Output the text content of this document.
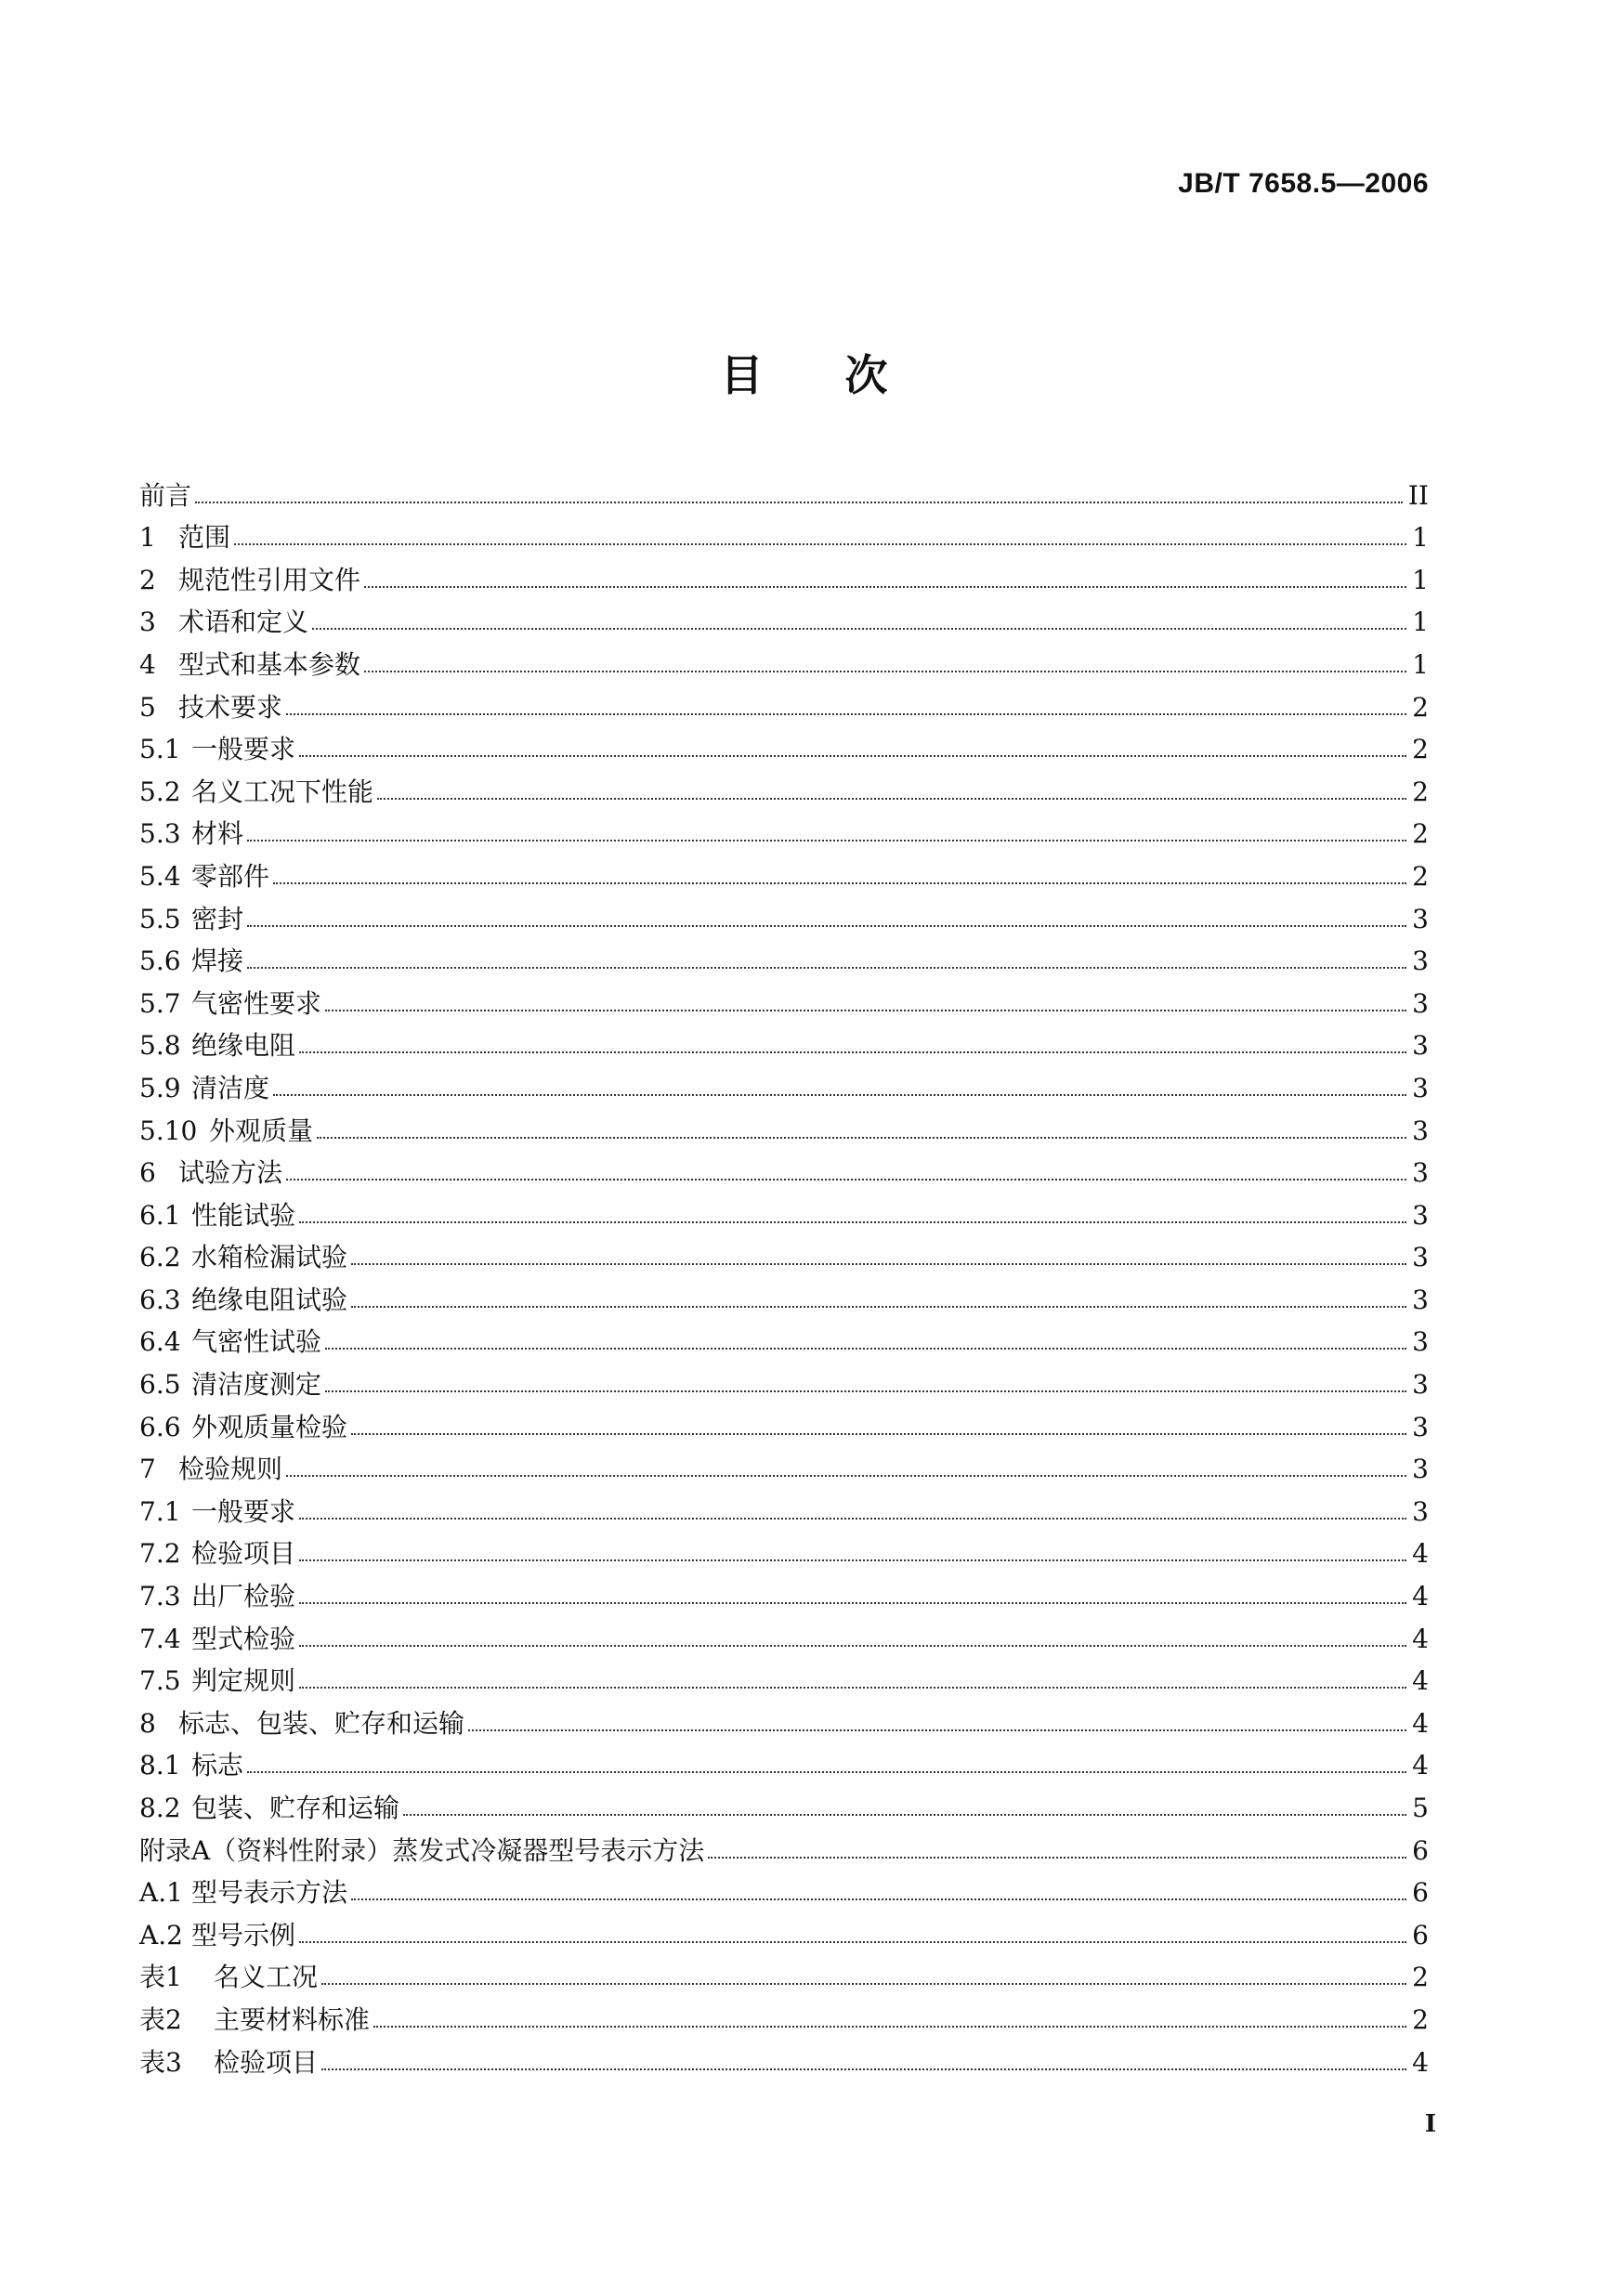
JB/T 7658.5—2006
目次
前言	II
1 范围	1
2 规范性引用文件	1
3 术语和定义	1
4 型式和基本参数	1
5 技术要求	2
5.1 一般要求	2
5.2 名义工况下性能	2
5.3 材料	2
5.4 零部件	2
5.5 密封	3
5.6 焊接	3
5.7 气密性要求	3
5.8 绝缘电阻	3
5.9 清洁度	3
5.10 外观质量	3
6 试验方法	3
6.1 性能试验	3
6.2 水箱检漏试验	3
6.3 绝缘电阻试验	3
6.4 气密性试验	3
6.5 清洁度测定	3
6.6 外观质量检验	3
7 检验规则	3
7.1 一般要求	3
7.2 检验项目	4
7.3 出厂检验	4
7.4 型式检验	4
7.5 判定规则	4
8 标志、包装、贮存和运输	4
8.1 标志	4
8.2 包装、贮存和运输	5
附录A（资料性附录）蒸发式冷凝器型号表示方法	6
A.1 型号表示方法	6
A.2 型号示例	6
表1	名义工况	2
表2	主要材料标准	2
表3	检验项目	4
I
